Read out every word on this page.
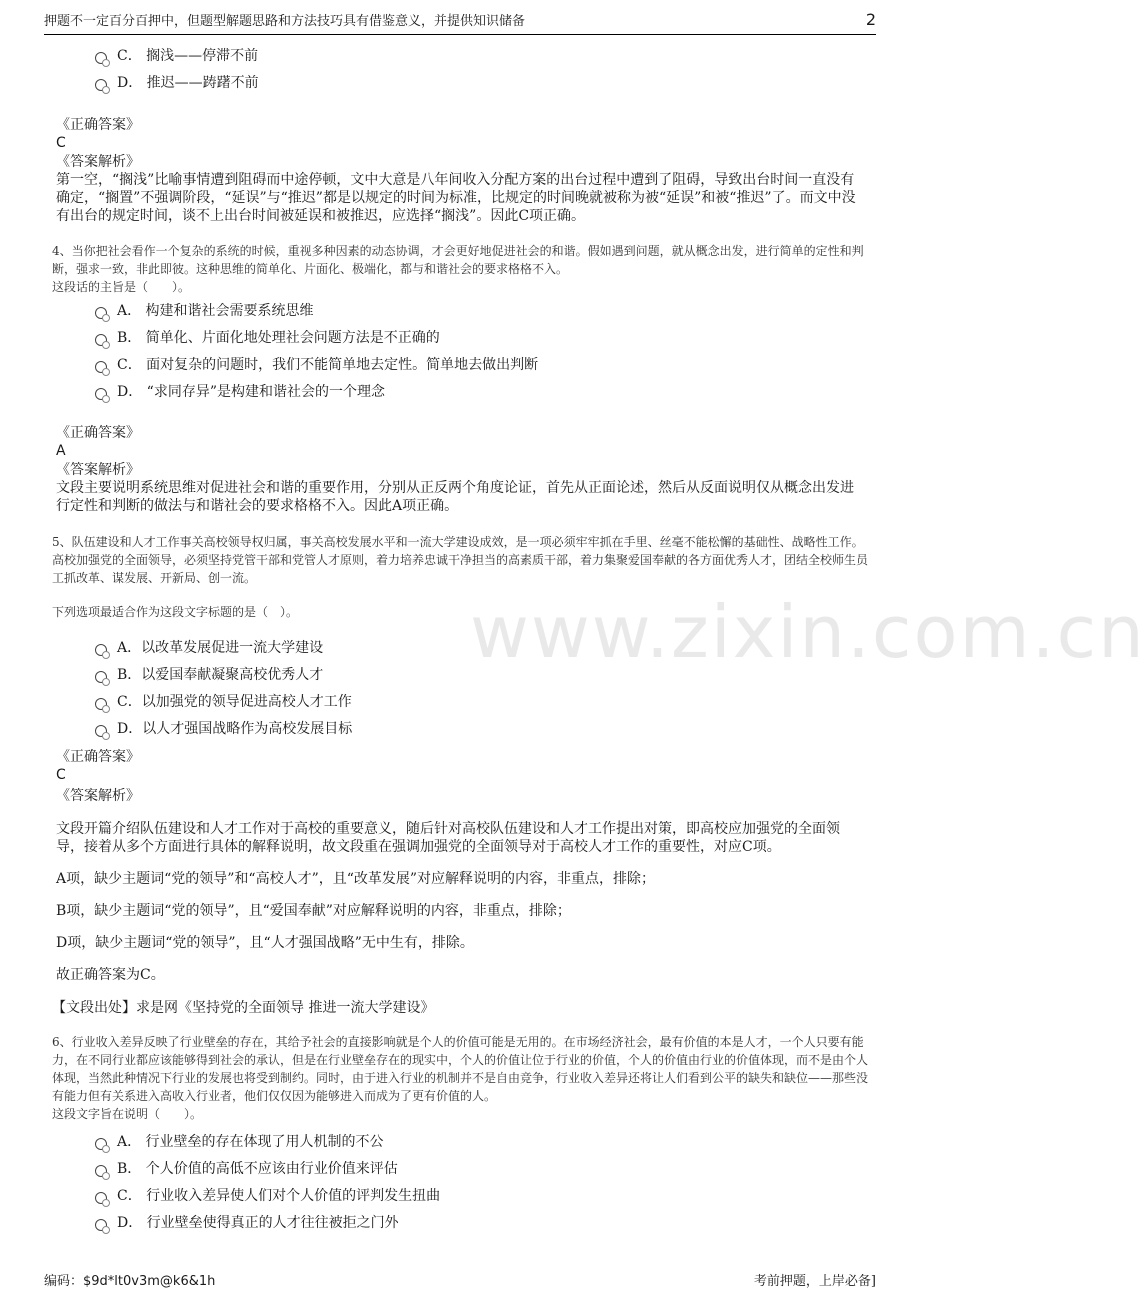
押题不一定百分百押中，但题型解题思路和方法技巧具有借鉴意义，并提供知识储备	2
www.zixin.com.cn
C． 搁浅——停滞不前
D． 推迟——踌躇不前
《正确答案》
C
《答案解析》
第一空，“搁浅”比喻事情遭到阻碍而中途停顿，文中大意是八年间收入分配方案的出台过程中遭到了阻碍，导致出台时间一直没有确定，“搁置”不强调阶段，“延误”与“推迟”都是以规定的时间为标准，比规定的时间晚就被称为被“延误”和被“推迟”了。而文中没有出台的规定时间，谈不上出台时间被延误和被推迟，应选择“搁浅”。因此C项正确。

4、当你把社会看作一个复杂的系统的时候，重视多种因素的动态协调，才会更好地促进社会的和谐。假如遇到问题，就从概念出发，进行简单的定性和判断，强求一致，非此即彼。这种思维的简单化、片面化、极端化，都与和谐社会的要求格格不入。

这段话的主旨是（　　）。

A． 构建和谐社会需要系统思维
B． 简单化、片面化地处理社会问题方法是不正确的
C． 面对复杂的问题时，我们不能简单地去定性。简单地去做出判断
D． “求同存异”是构建和谐社会的一个理念
《正确答案》
A
《答案解析》
文段主要说明系统思维对促进社会和谐的重要作用，分别从正反两个角度论证，首先从正面论述，然后从反面说明仅从概念出发进行定性和判断的做法与和谐社会的要求格格不入。因此A项正确。
5、队伍建设和人才工作事关高校领导权归属，事关高校发展水平和一流大学建设成效，是一项必须牢牢抓在手里、丝毫不能松懈的基础性、战略性工作。高校加强党的全面领导，必须坚持党管干部和党管人才原则，着力培养忠诚干净担当的高素质干部，着力集聚爱国奉献的各方面优秀人才，团结全校师生员工抓改革、谋发展、开新局、创一流。
下列选项最适合作为这段文字标题的是（　）。
A．以改革发展促进一流大学建设
B．以爱国奉献凝聚高校优秀人才
C．以加强党的领导促进高校人才工作
D．以人才强国战略作为高校发展目标
《正确答案》
C
《答案解析》
文段开篇介绍队伍建设和人才工作对于高校的重要意义，随后针对高校队伍建设和人才工作提出对策，即高校应加强党的全面领导，接着从多个方面进行具体的解释说明，故文段重在强调加强党的全面领导对于高校人才工作的重要性，对应C项。
A项，缺少主题词“党的领导”和“高校人才”，且“改革发展”对应解释说明的内容，非重点，排除；
B项，缺少主题词“党的领导”，且“爱国奉献”对应解释说明的内容，非重点，排除；
D项，缺少主题词“党的领导”，且“人才强国战略”无中生有，排除。
故正确答案为C。
【文段出处】求是网《坚持党的全面领导 推进一流大学建设》

6、行业收入差异反映了行业壁垒的存在，其给予社会的直接影响就是个人的价值可能是无用的。在市场经济社会，最有价值的本是人才，一个人只要有能力，在不同行业都应该能够得到社会的承认，但是在行业壁垒存在的现实中，个人的价值让位于行业的价值，个人的价值由行业的价值体现，而不是由个人体现，当然此种情况下行业的发展也将受到制约。同时，由于进入行业的机制并不是自由竞争，行业收入差异还将让人们看到公平的缺失和缺位——那些没有能力但有关系进入高收入行业者，他们仅仅因为能够进入而成为了更有价值的人。

这段文字旨在说明（　　）。

A． 行业壁垒的存在体现了用人机制的不公
B． 个人价值的高低不应该由行业价值来评估
C． 行业收入差异使人们对个人价值的评判发生扭曲
D． 行业壁垒使得真正的人才往往被拒之门外
编码：$9d*lt0v3m@k6&1h	考前押题，上岸必备]
